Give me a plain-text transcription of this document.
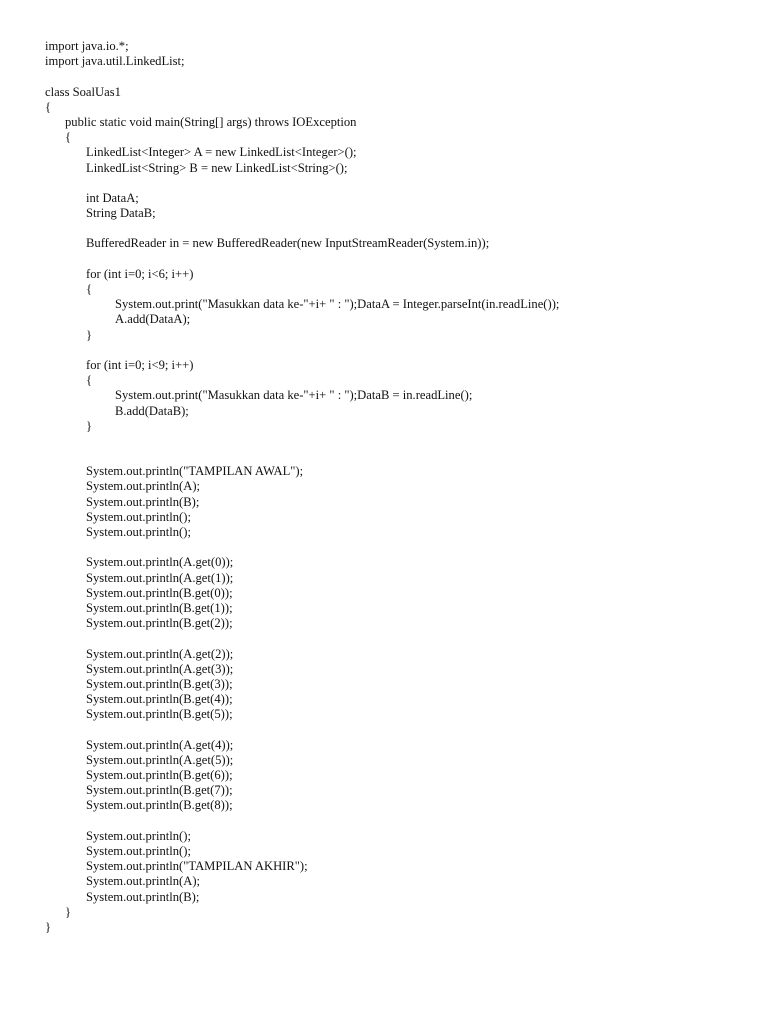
import java.io.*;
import java.util.LinkedList;
class SoalUas1
{
public static void main(String[] args) throws IOException
{
LinkedList<Integer> A = new LinkedList<Integer>();
LinkedList<String> B = new LinkedList<String>();
int DataA;
String DataB;
BufferedReader in = new BufferedReader(new InputStreamReader(System.in));
for (int i=0; i<6; i++)
{
System.out.print("Masukkan data ke-"+i+ " : ");DataA = Integer.parseInt(in.readLine());
A.add(DataA);
}
for (int i=0; i<9; i++)
{
System.out.print("Masukkan data ke-"+i+ " : ");DataB = in.readLine();
B.add(DataB);
}
System.out.println("TAMPILAN AWAL");
System.out.println(A);
System.out.println(B);
System.out.println();
System.out.println();
System.out.println(A.get(0));
System.out.println(A.get(1));
System.out.println(B.get(0));
System.out.println(B.get(1));
System.out.println(B.get(2));
System.out.println(A.get(2));
System.out.println(A.get(3));
System.out.println(B.get(3));
System.out.println(B.get(4));
System.out.println(B.get(5));
System.out.println(A.get(4));
System.out.println(A.get(5));
System.out.println(B.get(6));
System.out.println(B.get(7));
System.out.println(B.get(8));
System.out.println();
System.out.println();
System.out.println("TAMPILAN AKHIR");
System.out.println(A);
System.out.println(B);
}
}
